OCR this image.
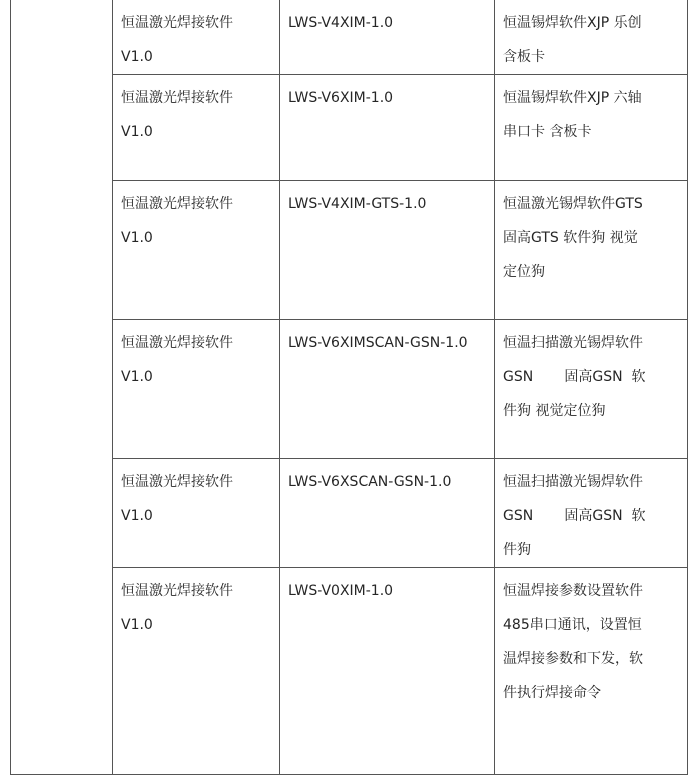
	恒温激光焊接软件
V1.0	LWS-V4XIM-1.0	恒温锡焊软件XJP 乐创
含板卡

	恒温激光焊接软件
V1.0	LWS-V6XIM-1.0	恒温锡焊软件XJP 六轴
串口卡 含板卡

	恒温激光焊接软件
V1.0	LWS-V4XIM-GTS-1.0	恒温激光锡焊软件GTS
固高GTS 软件狗 视觉
定位狗

	恒温激光焊接软件
V1.0	LWS-V6XIMSCAN-GSN-1.0	恒温扫描激光锡焊软件
GSN       固高GSN  软
件狗 视觉定位狗

	恒温激光焊接软件
V1.0	LWS-V6XSCAN-GSN-1.0	恒温扫描激光锡焊软件
GSN       固高GSN  软
件狗

	恒温激光焊接软件
V1.0	LWS-V0XIM-1.0	恒温焊接参数设置软件
485串口通讯，设置恒
温焊接参数和下发，软
件执行焊接命令
